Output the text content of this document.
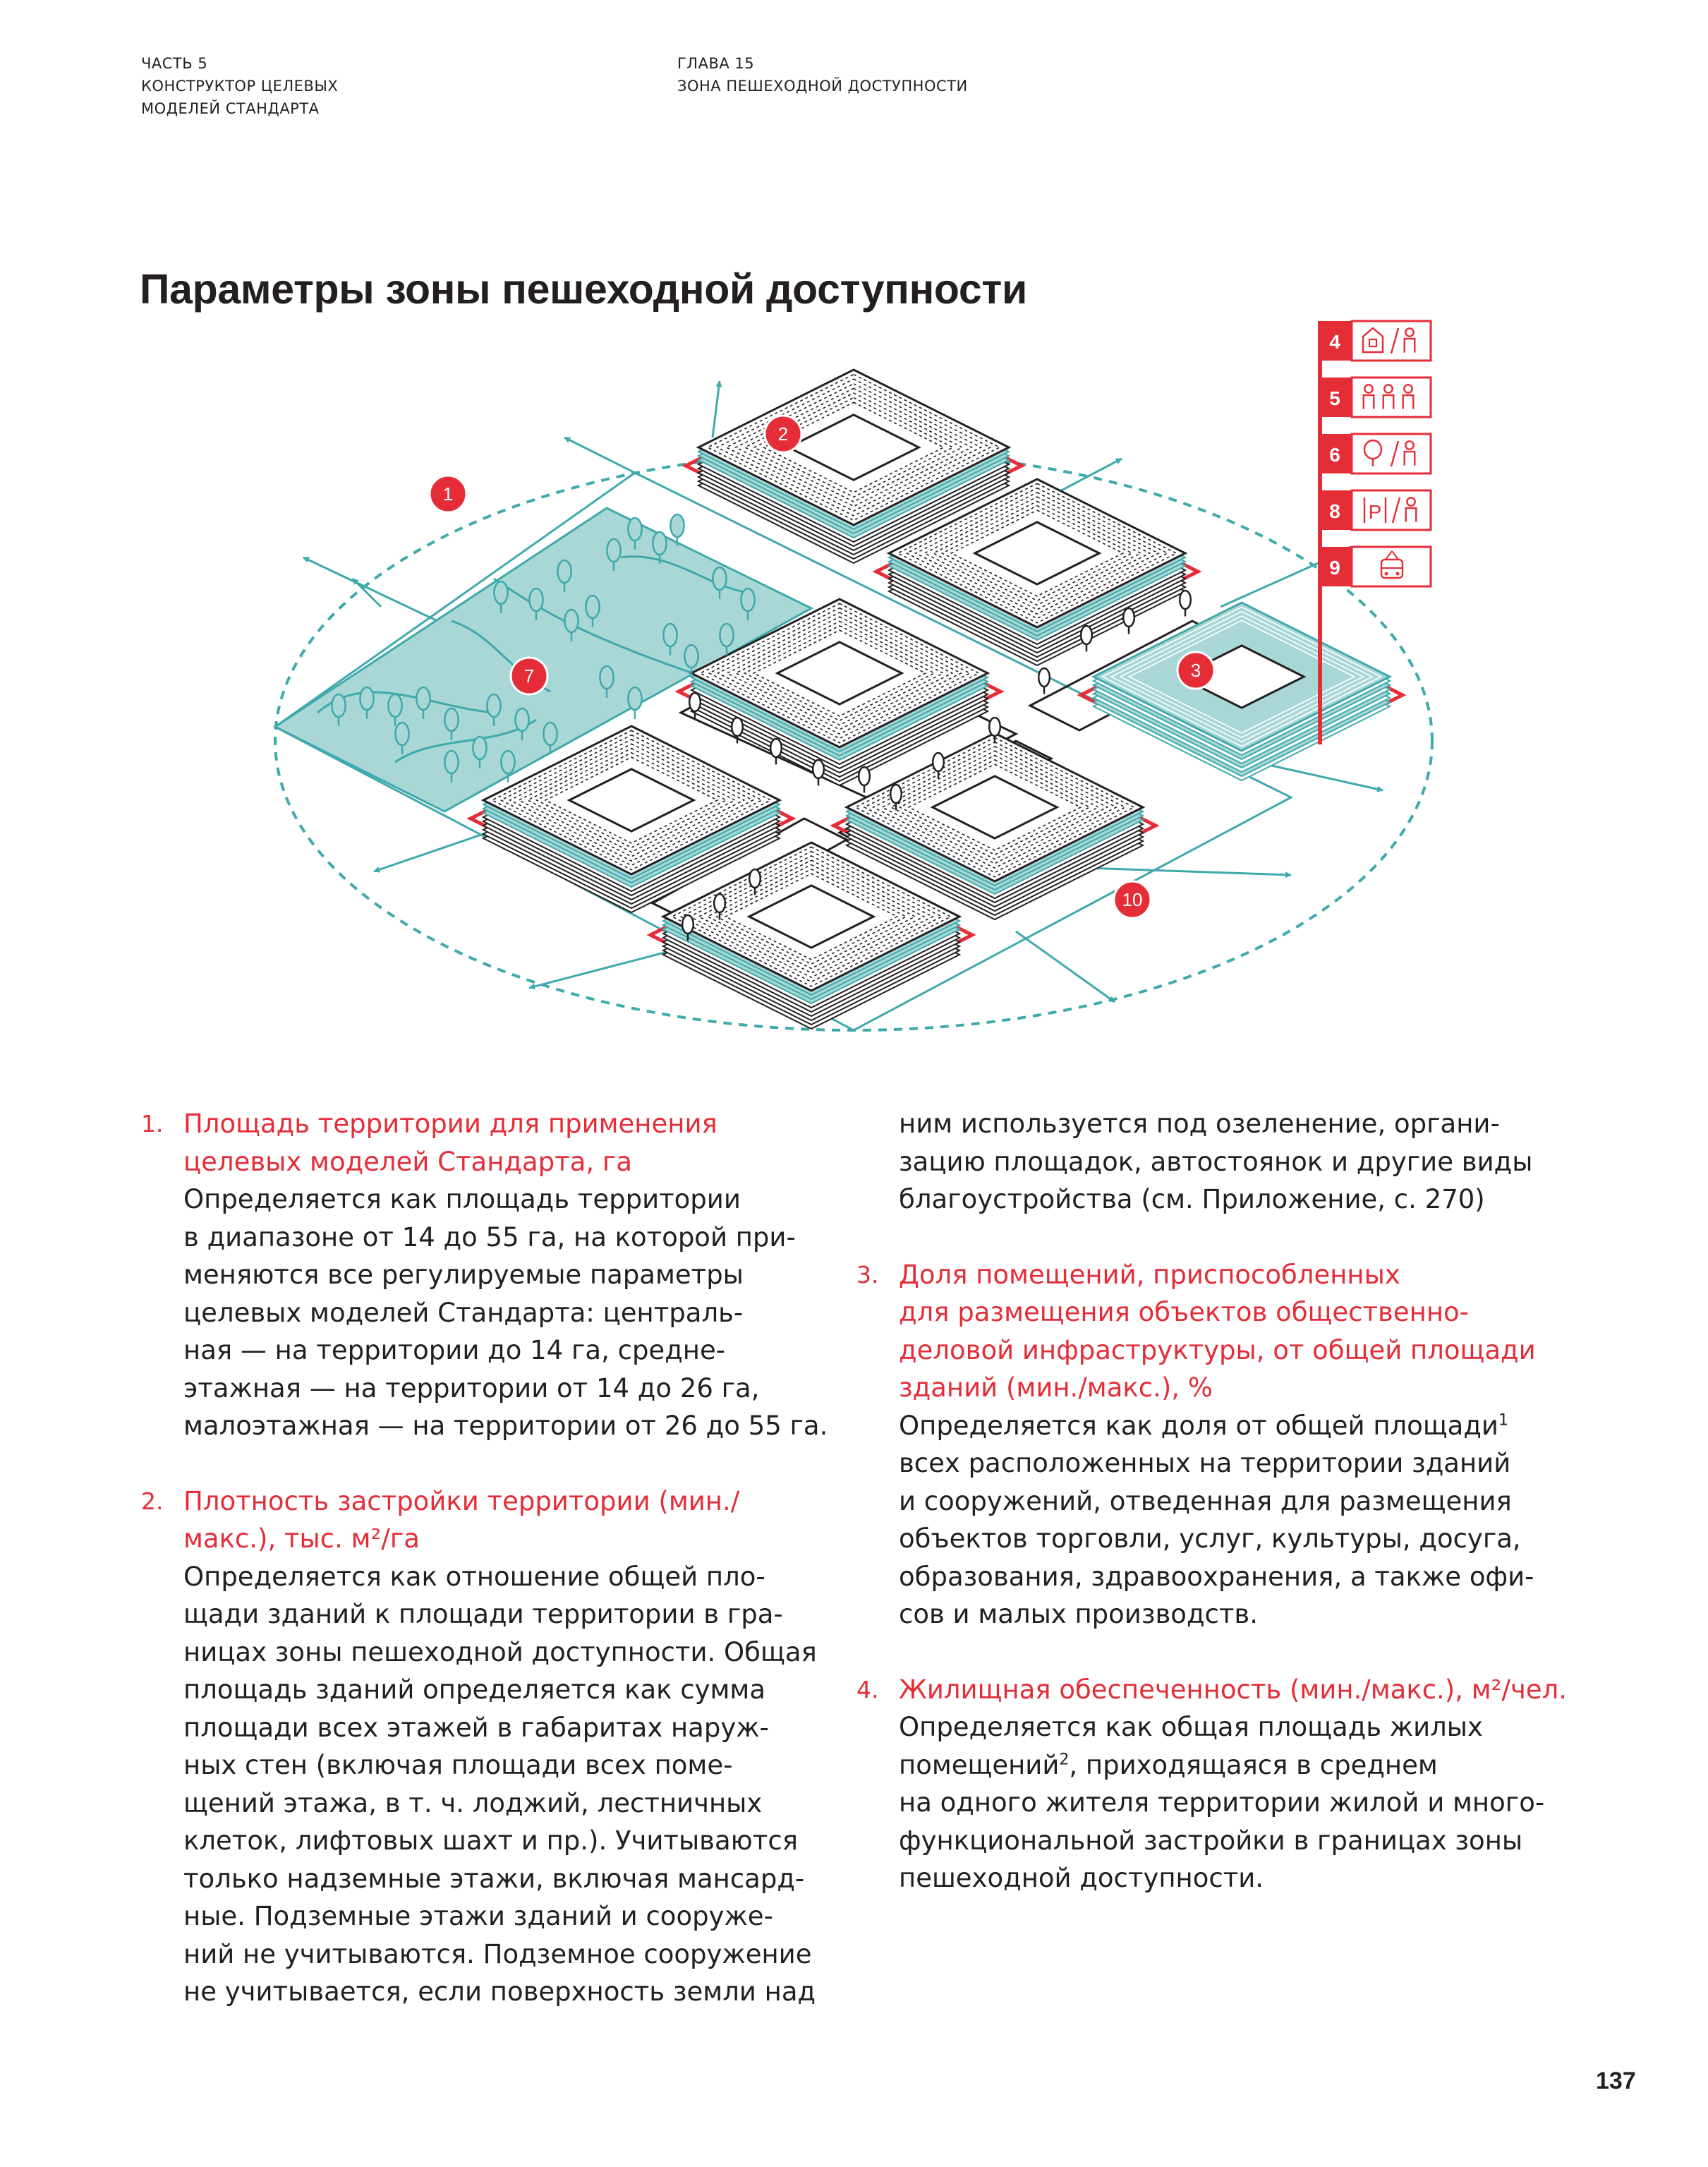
ЧАСТЬ 5
КОНСТРУКТОР ЦЕЛЕВЫХ
МОДЕЛЕЙ СТАНДАРТА
ГЛАВА 15
ЗОНА ПЕШЕХОДНОЙ ДОСТУПНОСТИ
Параметры зоны пешеходной доступности
1
2
3
7
10
4
5
6
8 P
9
1. Площадь территории для применения
целевых моделей Стандарта, га
Определяется как площадь территории
в диапазоне от 14 до 55 га, на которой при-
меняются все регулируемые параметры
целевых моделей Стандарта: централь-
ная — на территории до 14 га, средне-
этажная — на территории от 14 до 26 га,
малоэтажная — на территории от 26 до 55 га.
2. Плотность застройки территории (мин./
макс.), тыс. м²/га
Определяется как отношение общей пло-
щади зданий к площади территории в гра-
ницах зоны пешеходной доступности. Общая
площадь зданий определяется как сумма
площади всех этажей в габаритах наруж-
ных стен (включая площади всех поме-
щений этажа, в т. ч. лоджий, лестничных
клеток, лифтовых шахт и пр.). Учитываются
только надземные этажи, включая мансард-
ные. Подземные этажи зданий и сооруже-
ний не учитываются. Подземное сооружение
не учитывается, если поверхность земли над
ним используется под озеленение, органи-
зацию площадок, автостоянок и другие виды
благоустройства (см. Приложение, с. 270)
3. Доля помещений, приспособленных
для размещения объектов общественно-
деловой инфраструктуры, от общей площади
зданий (мин./макс.), %
Определяется как доля от общей площади$^1$
всех расположенных на территории зданий
и сооружений, отведенная для размещения
объектов торговли, услуг, культуры, досуга,
образования, здравоохранения, а также офи-
сов и малых производств.
4. Жилищная обеспеченность (мин./макс.), м²/чел.
Определяется как общая площадь жилых
помещений$^2$, приходящаяся в среднем
на одного жителя территории жилой и много-
функциональной застройки в границах зоны
пешеходной доступности.
137
